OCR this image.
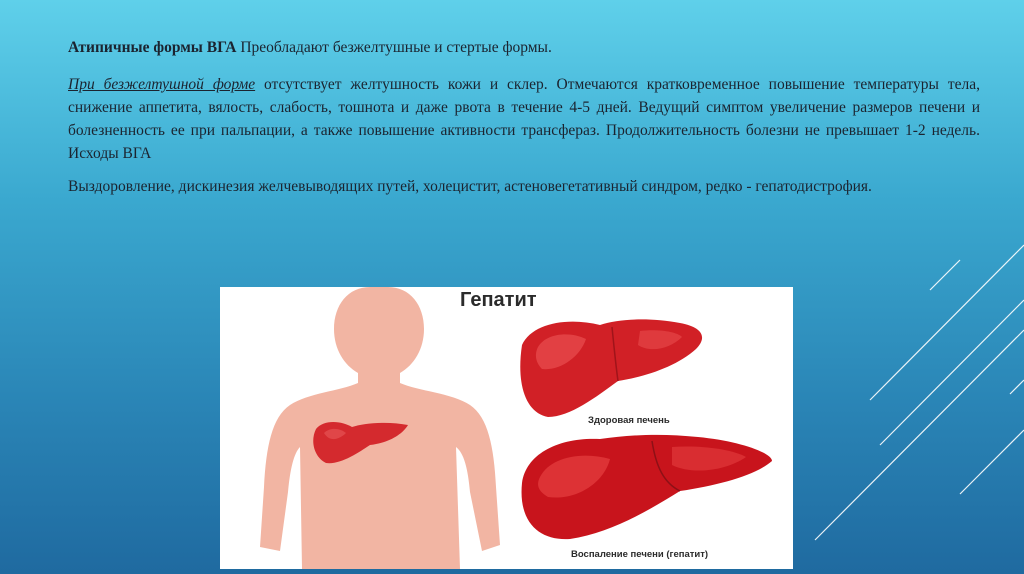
Атипичные формы ВГА Преобладают безжелтушные и стертые формы.

При безжелтушной форме отсутствует желтушность кожи и склер. Отмечаются кратковременное повышение температуры тела, снижение аппетита, вялость, слабость, тошнота и даже рвота в течение 4-5 дней. Ведущий симптом увеличение размеров печени и болезненность ее при пальпации, а также повышение активности трансфераз. Продолжительность болезни не превышает 1-2 недель. Исходы ВГА

Выздоровление, дискинезия желчевыводящих путей, холецистит, астеновегетативный синдром, редко - гепатодистрофия.

Гепатит
Здоровая печень
Воспаление печени (гепатит)
